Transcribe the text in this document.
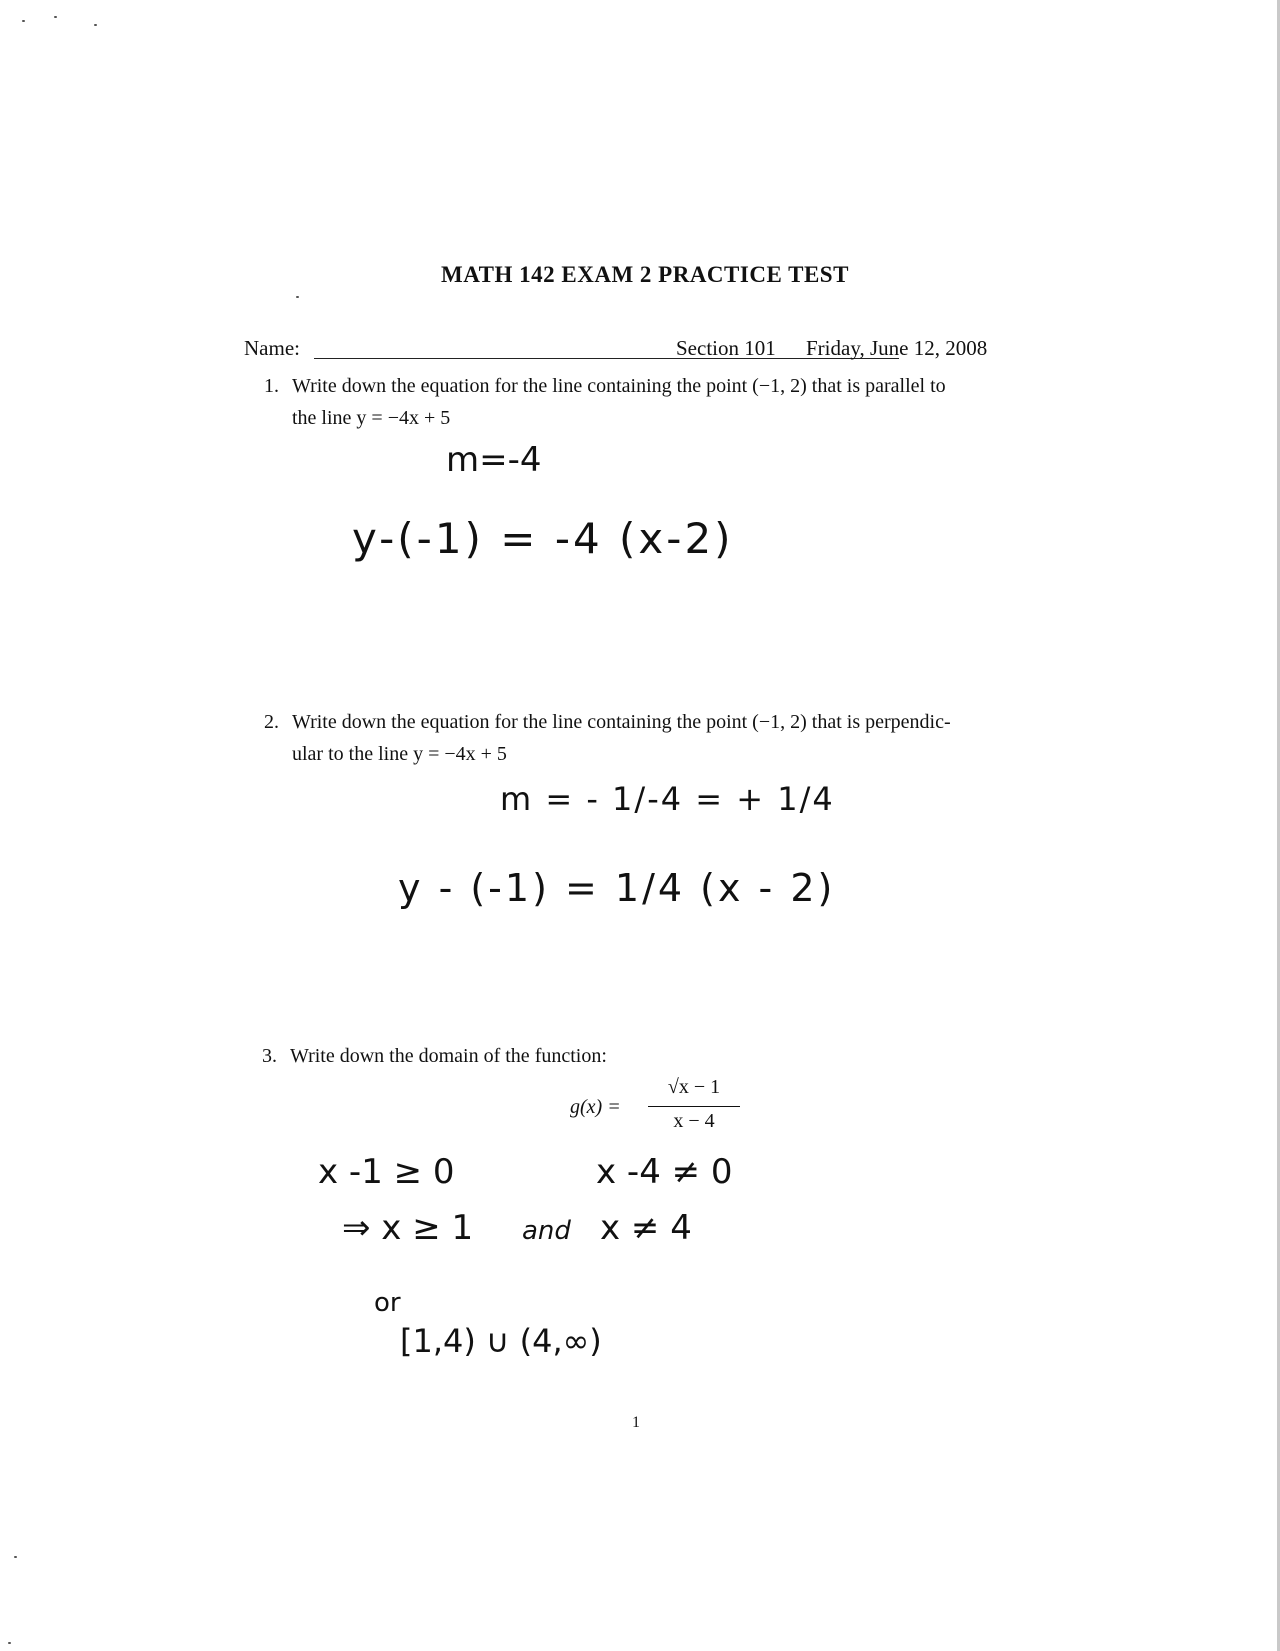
MATH 142 EXAM 2 PRACTICE TEST
Name:	Section 101 Friday, June 12, 2008
1. Write down the equation for the line containing the point (−1, 2) that is parallel to
the line y = −4x + 5
m=-4
y-(-1) = -4 (x-2)
2. Write down the equation for the line containing the point (−1, 2) that is perpendic-
ular to the line y = −4x + 5
m = - 1/-4 = + 1/4
y - (-1) = 1/4 (x - 2)
3. Write down the domain of the function:
g(x) =
√x − 1
x − 4
x -1 ≥ 0	x -4 ≠ 0
⇒ x ≥ 1 and x ≠ 4
or
[1,4) ∪ (4,∞)
1
